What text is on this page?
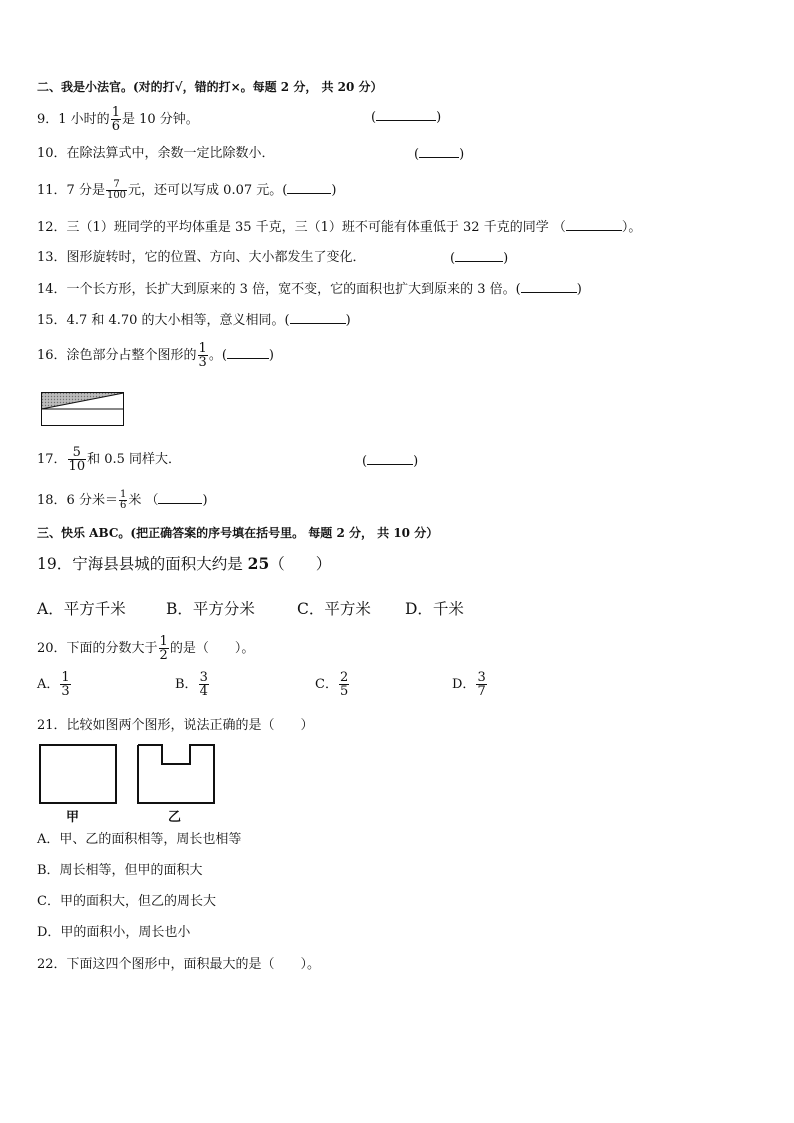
二、我是小法官。(对的打√，错的打×。每题 2 分， 共 20 分）
9．1 小时的 $\frac{1}{6}$ 是 10 分钟。	(	)
10．在除法算式中，余数一定比除数小．	(	)
11．7 分是 $\frac{7}{100}$ 元，还可以写成 0.07 元。(	)
12．三（1）班同学的平均体重是 35 千克，三（1）班不可能有体重低于 32 千克的同学 （	）。
13．图形旋转时，它的位置、方向、大小都发生了变化．	(	)
14．一个长方形，长扩大到原来的 3 倍，宽不变，它的面积也扩大到原来的 3 倍。(	)
15．4.7 和 4.70 的大小相等，意义相同。(	)
16．涂色部分占整个图形的 $\frac{1}{3}$ 。(	)
17． $\frac{5}{10}$ 和 0.5 同样大．	(	)
18．6 分米＝ $\frac{1}{6}$ 米 （	)
三、快乐 ABC。(把正确答案的序号填在括号里。 每题 2 分， 共 10 分）
19．宁海县县城的面积大约是 25（　　）
A．平方千米	B．平方分米	C．平方米 D．千米
20．下面的分数大于 $\frac{1}{2}$ 的是（　　）。
A． $\frac{1}{3}$	B． $\frac{3}{4}$	C． $\frac{2}{5}$	D． $\frac{3}{7}$
21．比较如图两个图形，说法正确的是（　　）
甲	乙
A．甲、乙的面积相等，周长也相等
B．周长相等，但甲的面积大
C．甲的面积大，但乙的周长大
D．甲的面积小，周长也小
22．下面这四个图形中，面积最大的是（　　）。
